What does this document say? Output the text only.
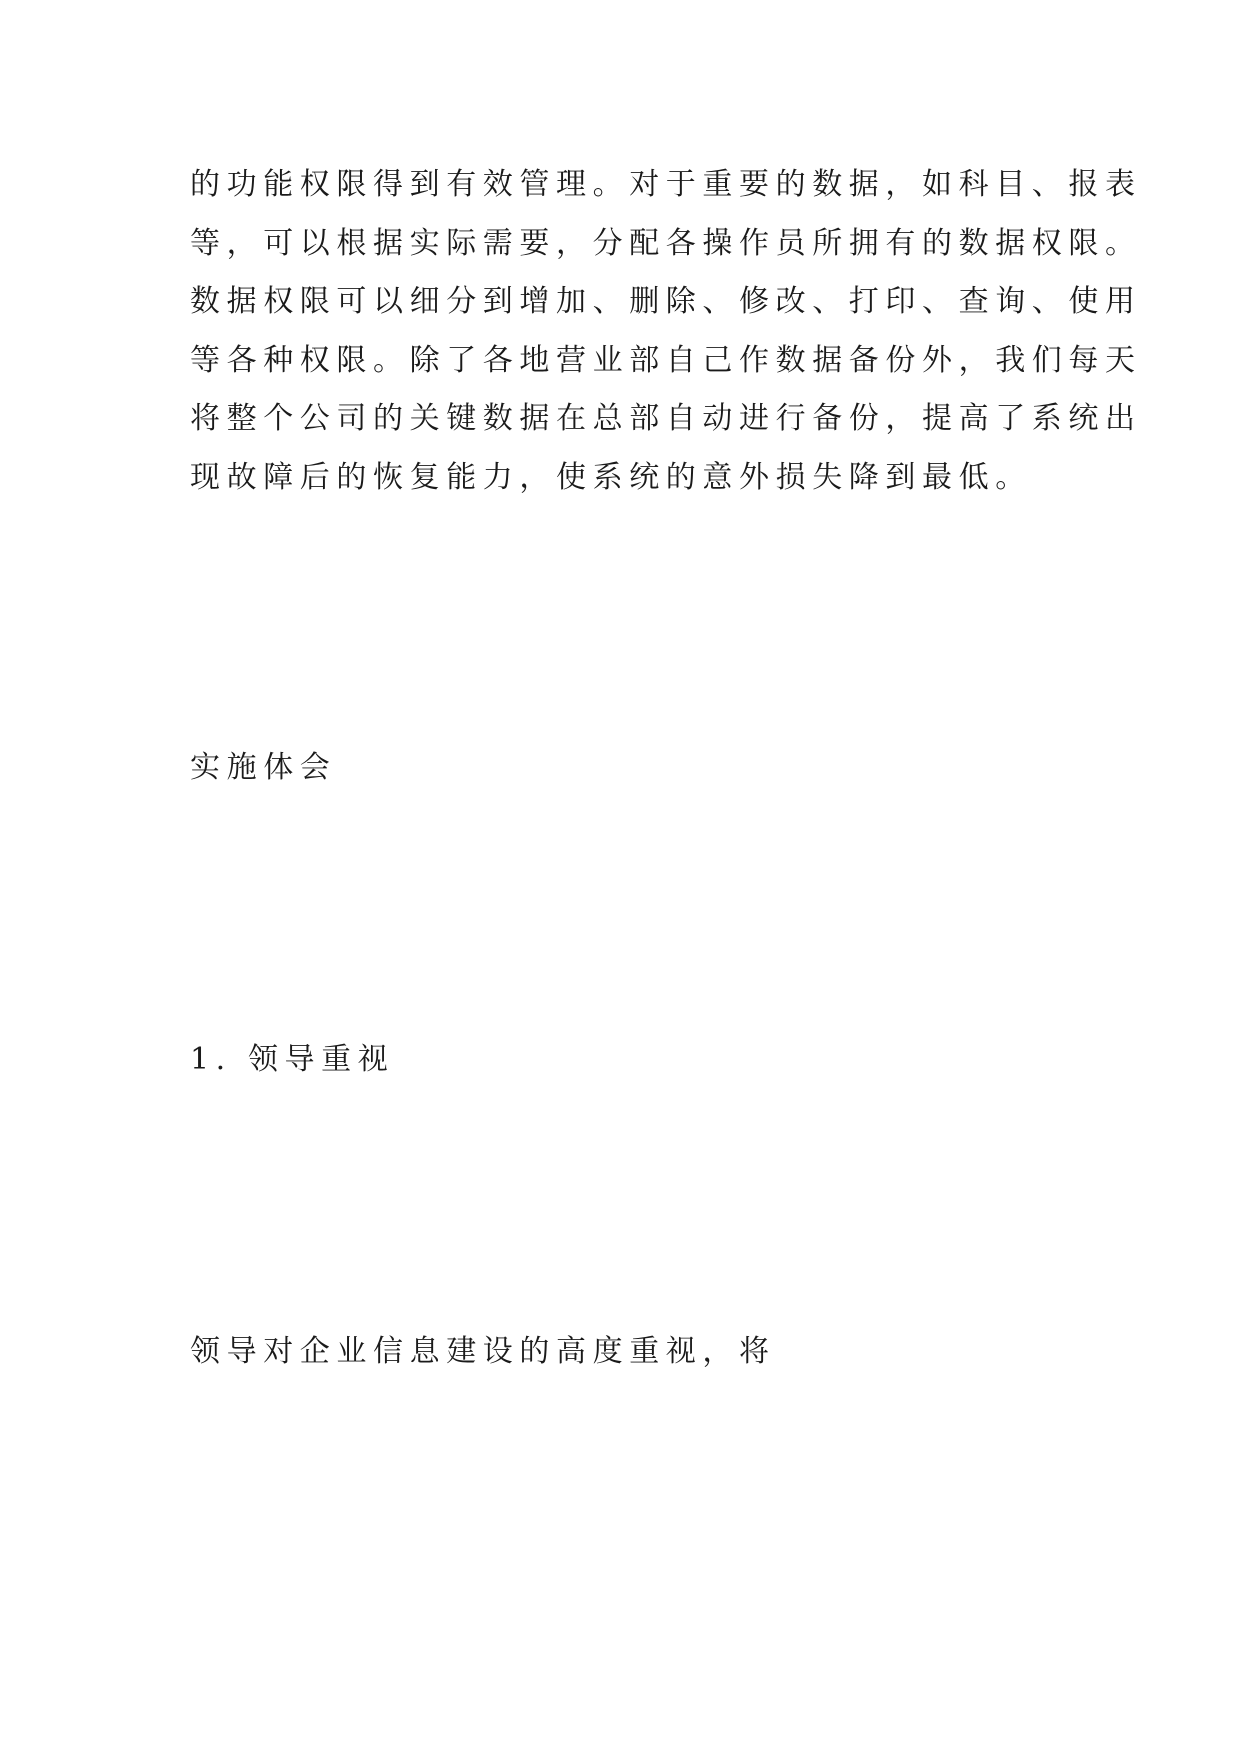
的功能权限得到有效管理。对于重要的数据，如科目、报表
等，可以根据实际需要，分配各操作员所拥有的数据权限。
数据权限可以细分到增加、删除、修改、打印、查询、使用
等各种权限。除了各地营业部自己作数据备份外，我们每天
将整个公司的关键数据在总部自动进行备份，提高了系统出
现故障后的恢复能力，使系统的意外损失降到最低。
实施体会
1. 领导重视

领导对企业信息建设的高度重视，将
